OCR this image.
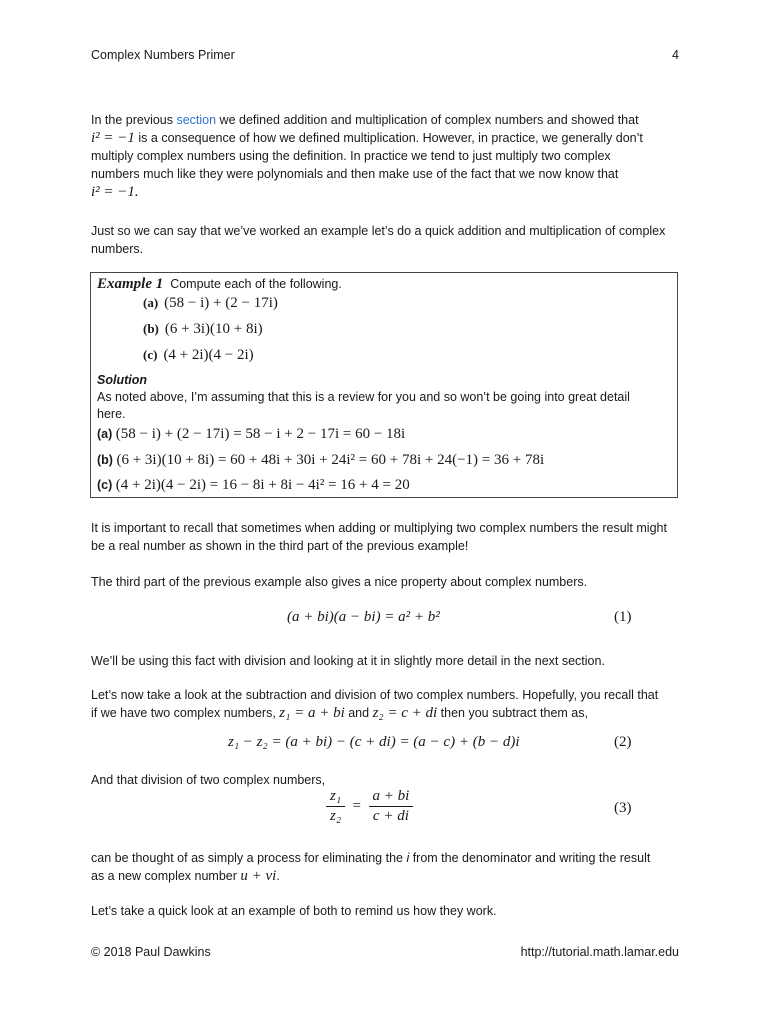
Complex Numbers Primer	4
In the previous section we defined addition and multiplication of complex numbers and showed that
i² = −1 is a consequence of how we defined multiplication. However, in practice, we generally don’t
multiply complex numbers using the definition. In practice we tend to just multiply two complex
numbers much like they were polynomials and then make use of the fact that we now know that
i² = −1.
Just so we can say that we’ve worked an example let’s do a quick addition and multiplication of complex numbers.
Example 1 Compute each of the following.
(a) (58 − i) + (2 − 17i)
(b) (6 + 3i)(10 + 8i)
(c) (4 + 2i)(4 − 2i)
Solution
As noted above, I’m assuming that this is a review for you and so won’t be going into great detail
here.
(a) (58 − i) + (2 − 17i) = 58 − i + 2 − 17i = 60 − 18i
(b) (6 + 3i)(10 + 8i) = 60 + 48i + 30i + 24i² = 60 + 78i + 24(−1) = 36 + 78i
(c) (4 + 2i)(4 − 2i) = 16 − 8i + 8i − 4i² = 16 + 4 = 20
It is important to recall that sometimes when adding or multiplying two complex numbers the result might be a real number as shown in the third part of the previous example!
The third part of the previous example also gives a nice property about complex numbers.
(a + bi)(a − bi) = a² + b²	(1)
We’ll be using this fact with division and looking at it in slightly more detail in the next section.
Let’s now take a look at the subtraction and division of two complex numbers. Hopefully, you recall that
if we have two complex numbers, z₁ = a + bi and z₂ = c + di then you subtract them as,
z₁ − z₂ = (a + bi) − (c + di) = (a − c) + (b − d)i	(2)
And that division of two complex numbers,
$\frac{\text{z₁}}{\text{z₂}} = \frac{a + bi}{c + di}$	(3)
can be thought of as simply a process for eliminating the i from the denominator and writing the result
as a new complex number u + vi.
Let’s take a quick look at an example of both to remind us how they work.
© 2018 Paul Dawkins	http://tutorial.math.lamar.edu
